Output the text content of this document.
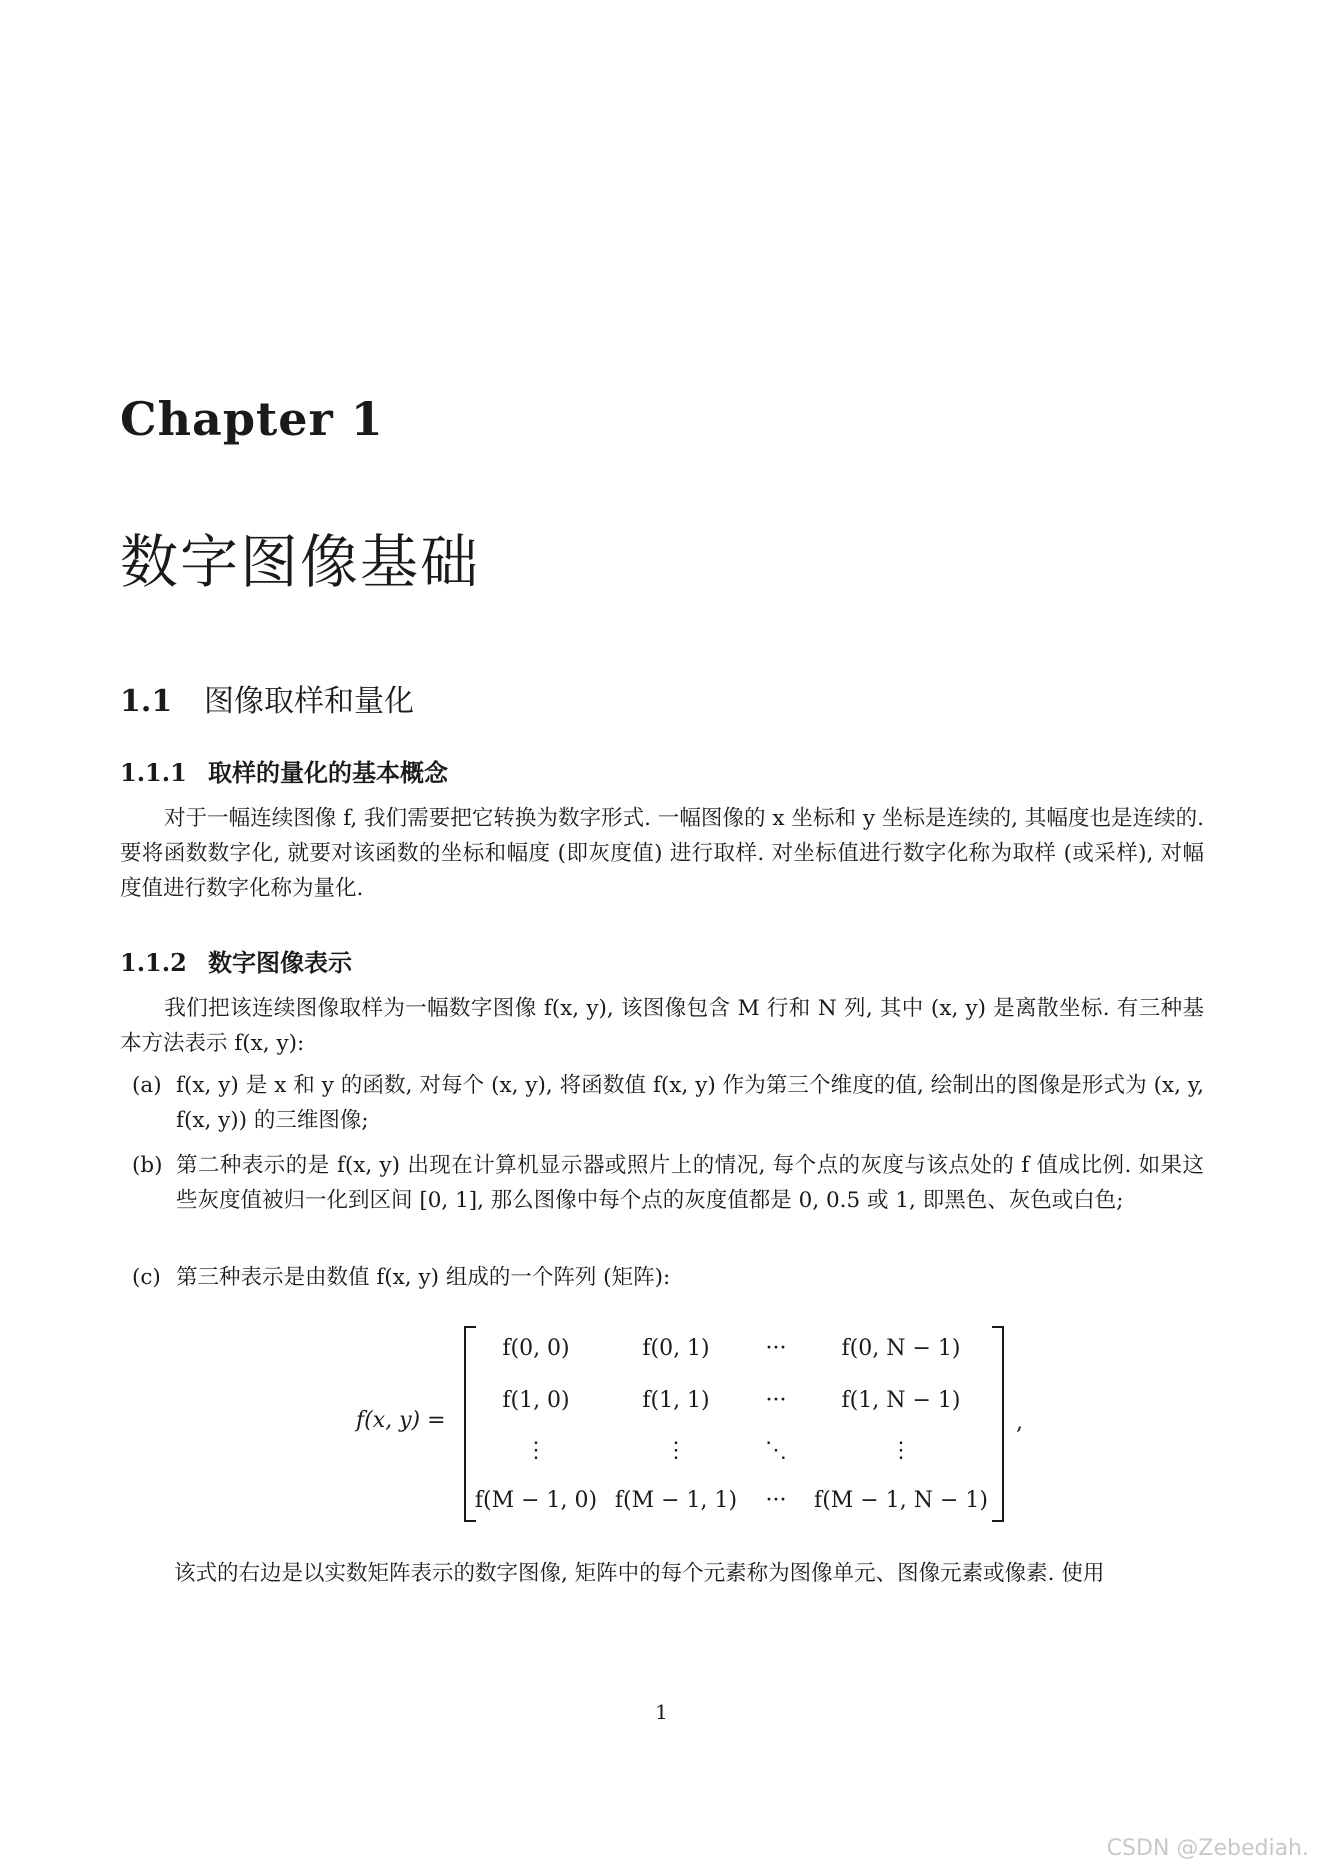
Chapter 1
数字图像基础
1.1 图像取样和量化
1.1.1 取样的量化的基本概念
对于一幅连续图像 f, 我们需要把它转换为数字形式. 一幅图像的 x 坐标和 y 坐标是连续的, 其幅度也是连续的. 要将函数数字化, 就要对该函数的坐标和幅度 (即灰度值) 进行取样. 对坐标值进行数字化称为取样 (或采样), 对幅度值进行数字化称为量化.
1.1.2 数字图像表示
我们把该连续图像取样为一幅数字图像 f(x, y), 该图像包含 M 行和 N 列, 其中 (x, y) 是离散坐标. 有三种基本方法表示 f(x, y):
(a) f(x, y) 是 x 和 y 的函数, 对每个 (x, y), 将函数值 f(x, y) 作为第三个维度的值, 绘制出的图像是形式为 (x, y, f(x, y)) 的三维图像;
(b) 第二种表示的是 f(x, y) 出现在计算机显示器或照片上的情况, 每个点的灰度与该点处的 f 值成比例. 如果这些灰度值被归一化到区间 [0, 1], 那么图像中每个点的灰度值都是 0, 0.5 或 1, 即黑色、灰色或白色;
(c) 第三种表示是由数值 f(x, y) 组成的一个阵列 (矩阵):
f(x, y) =
f(0, 0)	f(0, 1)	···	f(0, N − 1)
f(1, 0)	f(1, 1)	···	f(1, N − 1)
⋮	⋮	⋱	⋮
f(M − 1, 0) f(M − 1, 1)	···	f(M − 1, N − 1)
,
该式的右边是以实数矩阵表示的数字图像, 矩阵中的每个元素称为图像单元、图像元素或像素. 使用
1
CSDN @Zebediah.
